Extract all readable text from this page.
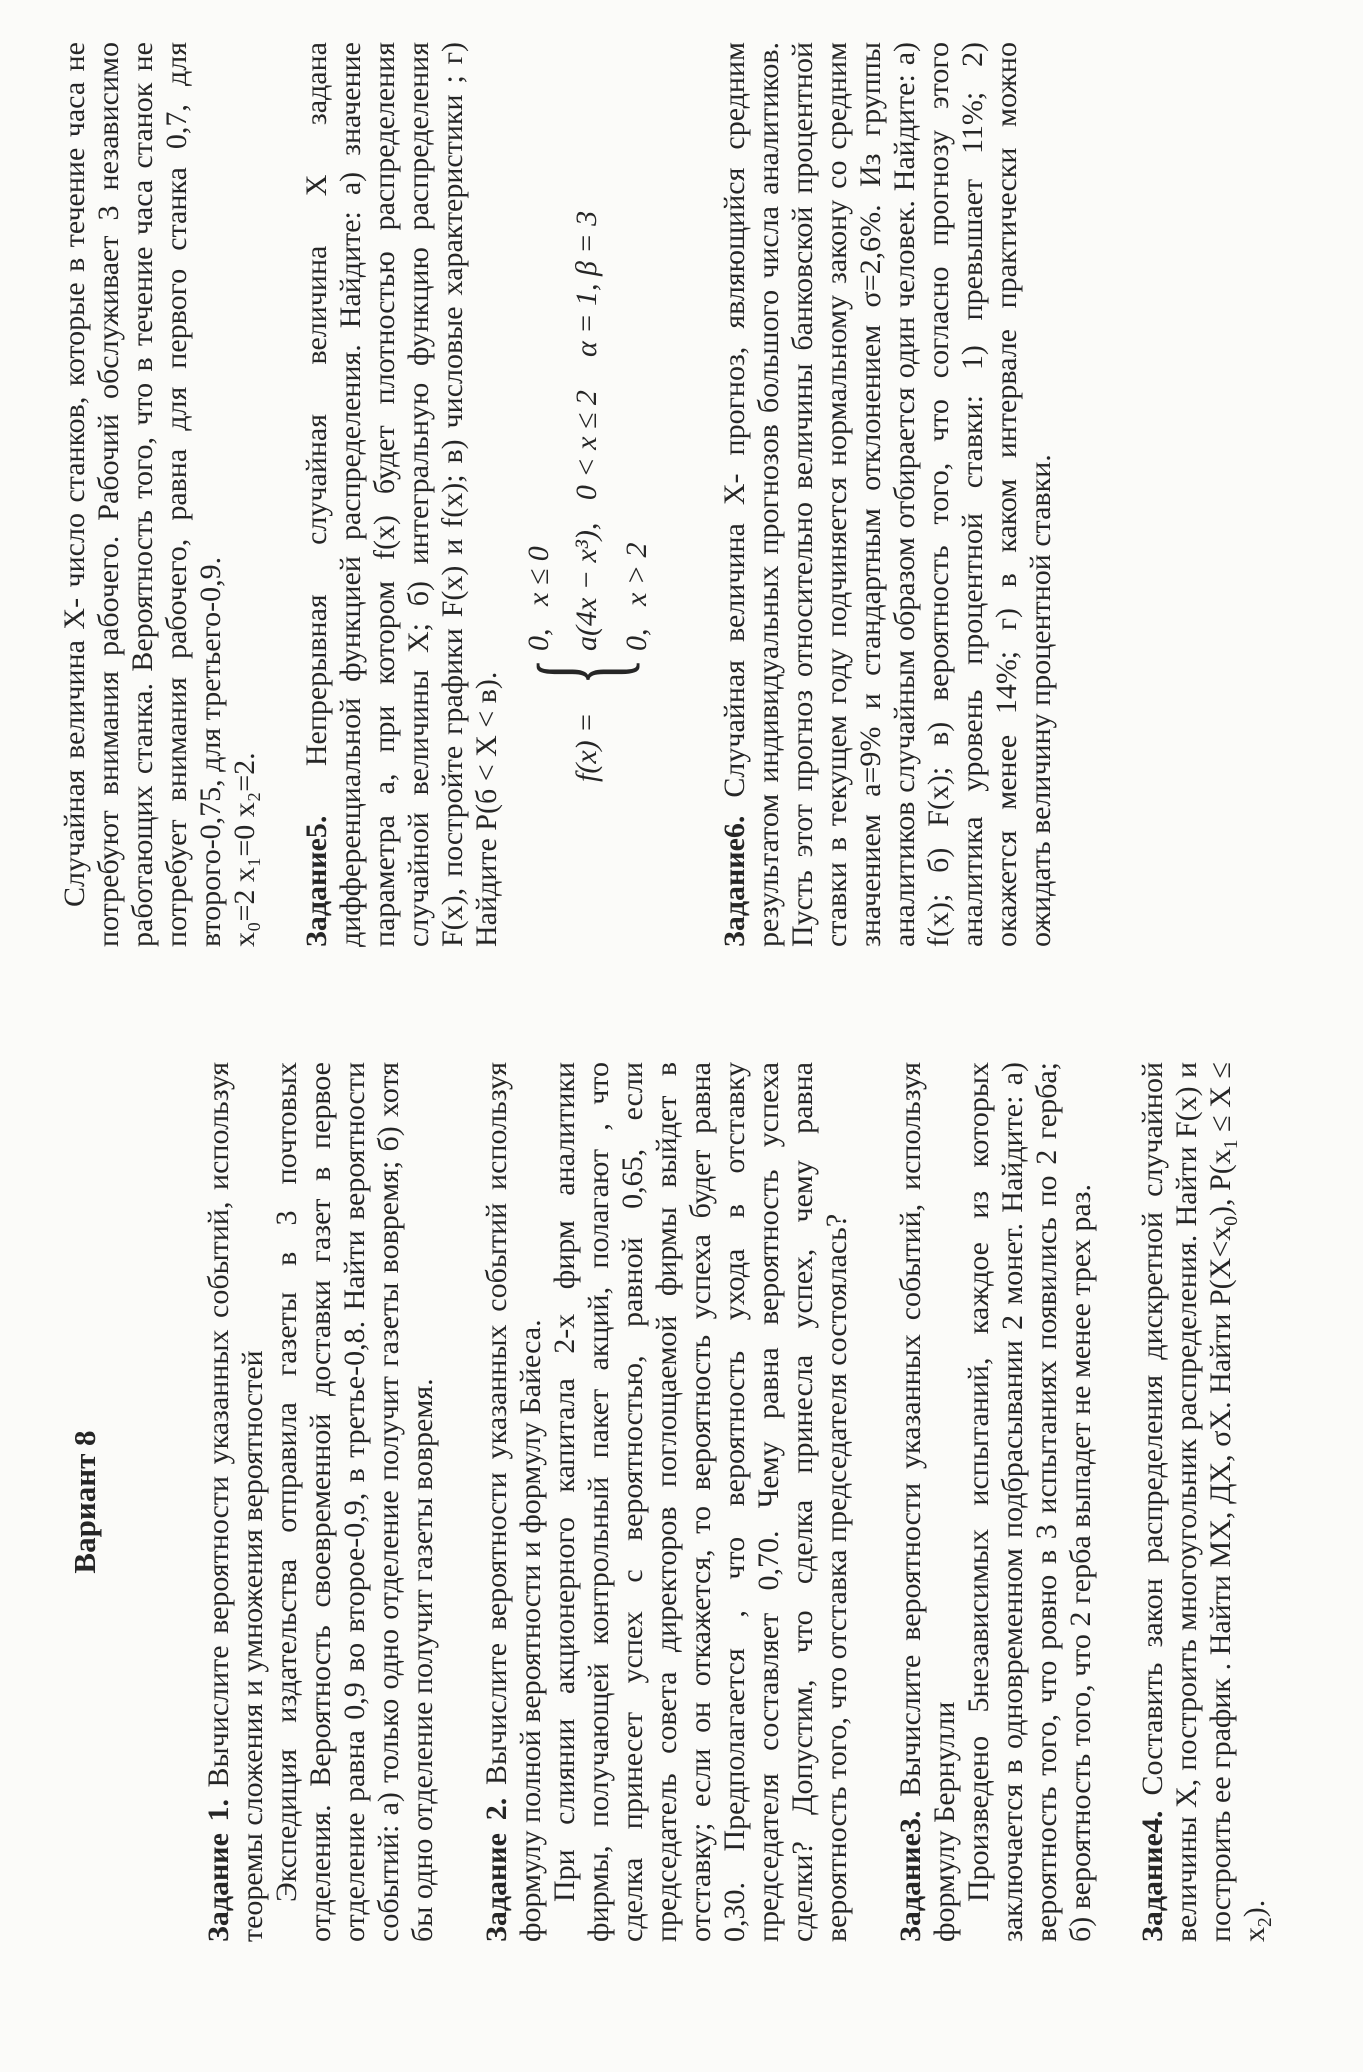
Вариант 8

Задание 1. Вычислите вероятности указанных событий, используя теоремы сложения и умножения вероятностей Экспедиция издательства отправила газеты в 3 почтовых отделения. Вероятность своевременной доставки газет в первое отделение равна 0,9 во второе-0,9, в третье-0,8. Найти вероятности событий: а) только одно отделение получит газеты вовремя; б) хотя бы одно отделение получит газеты вовремя. Задание 2. Вычислите вероятности указанных событий используя формулу полной вероятности и формулу Байеса. При слиянии акционерного капитала 2-х фирм аналитики фирмы, получающей контрольный пакет акций, полагают , что сделка принесет успех с вероятностью, равной 0,65, если председатель совета директоров поглощаемой фирмы выйдет в отставку; если он откажется, то вероятность успеха будет равна 0,30. Предполагается , что вероятность ухода в отставку председателя составляет 0,70. Чему равна вероятность успеха сделки? Допустим, что сделка принесла успех, чему равна вероятность того, что отставка председателя состоялась? Задание3. Вычислите вероятности указанных событий, используя формулу Бернулли Произведено 5независимых испытаний, каждое из которых заключается в одновременном подбрасывании 2 монет. Найдите: а) вероятность того, что ровно в 3 испытаниях появились по 2 герба; б) вероятность того, что 2 герба выпадет не менее трех раз. Задание4. Составить закон распределения дискретной случайной величины Х, построить многоугольник распределения. Найти F(x) и построить ее график . Найти МХ, ДХ, σХ. Найти $P(X<x_0)$, $P(x_1 \le X \le x_2)$.

Случайная величина Х- число станков, которые в течение часа не потребуют внимания рабочего. Рабочий обслуживает 3 независимо работающих станка. Вероятность того, что в течение часа станок не потребует внимания рабочего, равна для первого станка 0,7, для второго-0,75, для третьего-0,9. x₀=2 x₁=0 x₂=2. Задание5. Непрерывная случайная величина Х задана дифференциальной функцией распределения. Найдите: а) значение параметра а, при котором f(x) будет плотностью распределения случайной величины Х; б) интегральную функцию распределения F(x), постройте графики F(x) и f(x); в) числовые характеристики ; г) Найдите P(б < X < в). f(x) =
{
0,   x ≤ 0 a(4x − x³),   0 < x ≤ 2 0,   x > 2
α = 1, β = 3

Задание6. Случайная величина Х- прогноз, являющийся средним результатом индивидуальных прогнозов большого числа аналитиков. Пусть этот прогноз относительно величины банковской процентной ставки в текущем году подчиняется нормальному закону со средним значением а=9% и стандартным отклонением σ=2,6%. Из группы аналитиков случайным образом отбирается один человек. Найдите: а) f(x); б) F(x); в) вероятность того, что согласно прогнозу этого аналитика уровень процентной ставки: 1) превышает 11%; 2) окажется менее 14%; г) в каком интервале практически можно ожидать величину процентной ставки.
